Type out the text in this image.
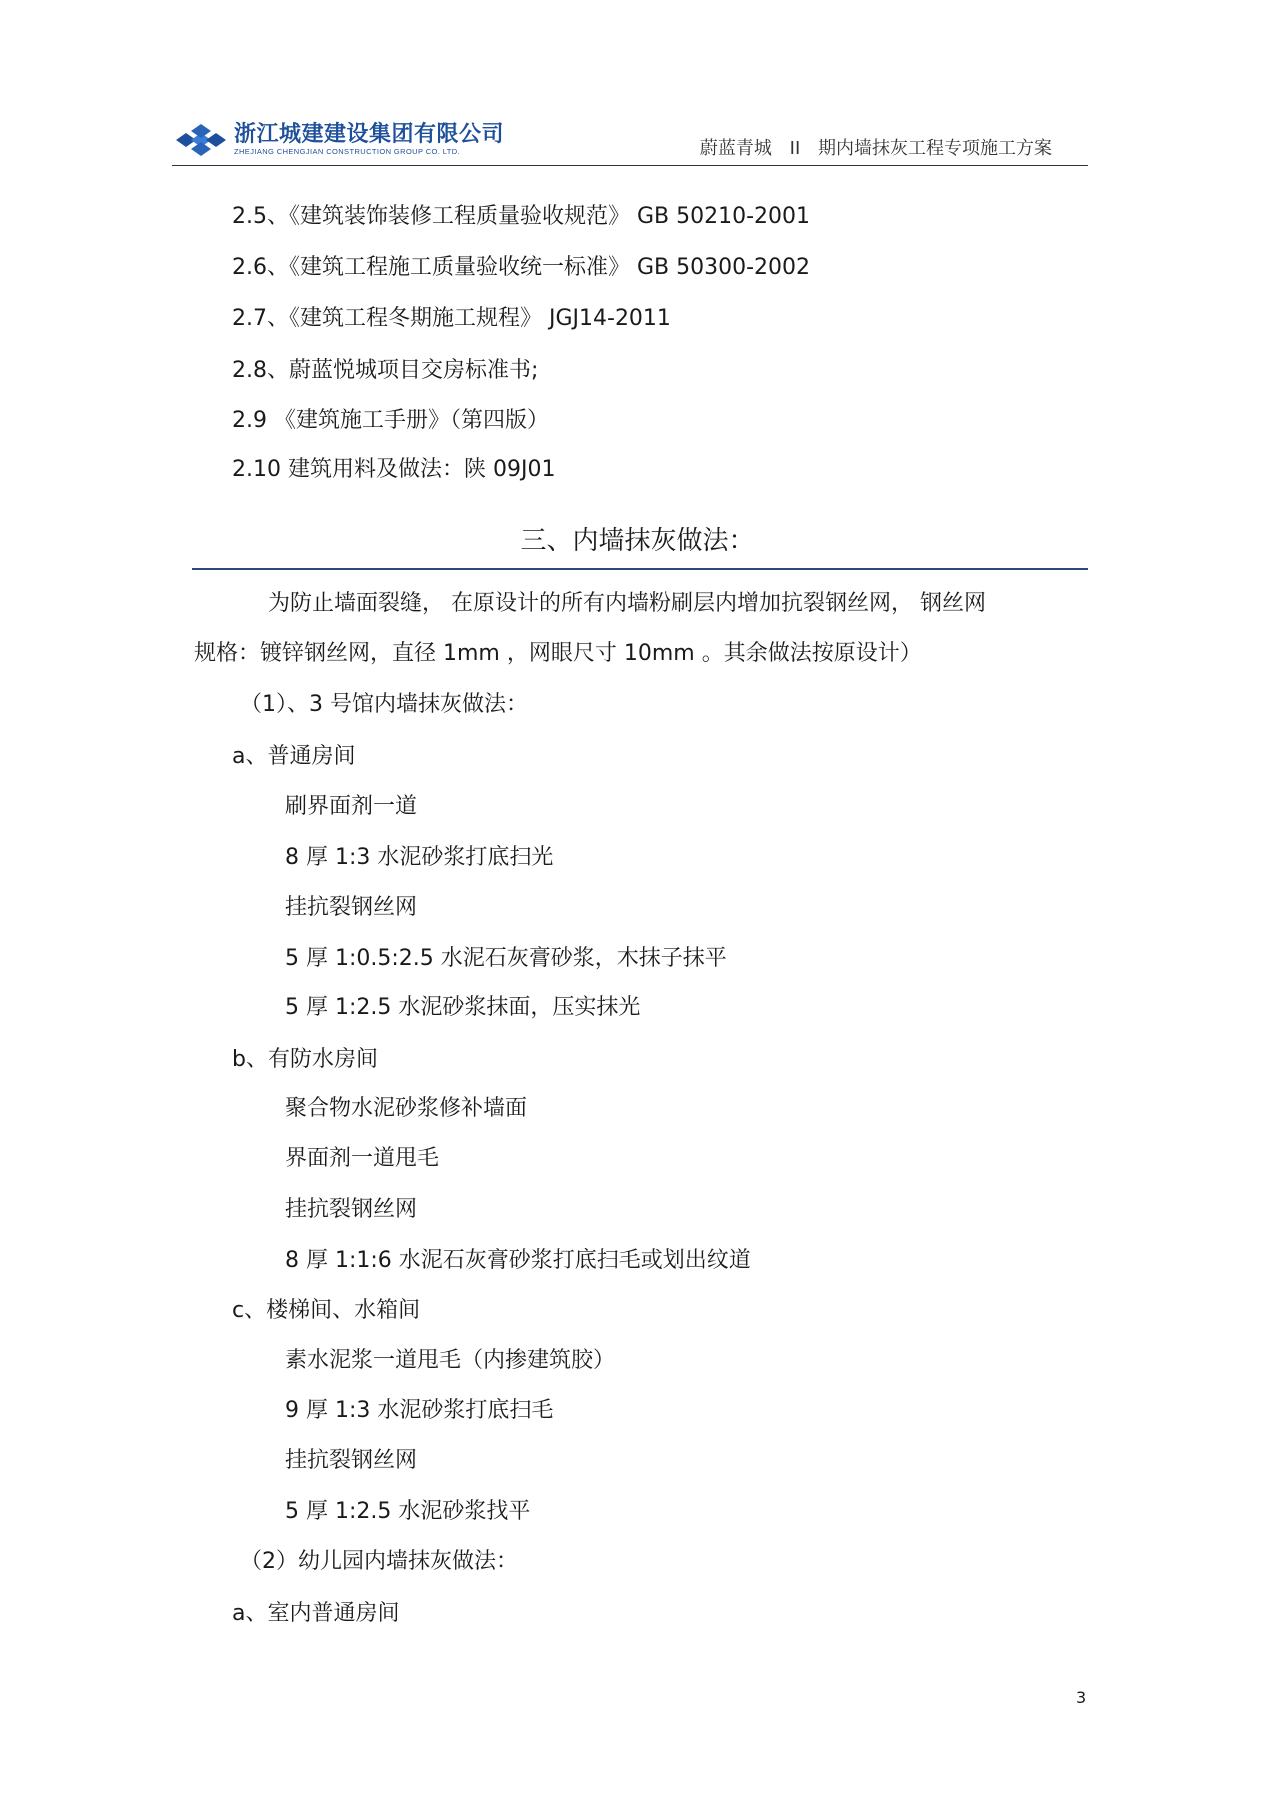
浙江城建建设集团有限公司
ZHEJIANG CHENGJIAN CONSTRUCTION GROUP CO. LTD.	蔚蓝青城 II 期内墙抹灰工程专项施工方案
2.5、《建筑装饰装修工程质量验收规范》 GB 50210-2001
2.6、《建筑工程施工质量验收统一标准》 GB 50300-2002
2.7、《建筑工程冬期施工规程》 JGJ14-2011
2.8、蔚蓝悦城项目交房标准书;
2.9 《建筑施工手册》（第四版）
2.10 建筑用料及做法：陕 09J01
三、内墙抹灰做法：
为防止墙面裂缝， 在原设计的所有内墙粉刷层内增加抗裂钢丝网， 钢丝网
规格：镀锌钢丝网，直径 1mm ，网眼尺寸 10mm 。其余做法按原设计）
（1）、3 号馆内墙抹灰做法：
a、普通房间
刷界面剂一道
8 厚 1:3 水泥砂浆打底扫光
挂抗裂钢丝网
5 厚 1:0.5:2.5 水泥石灰膏砂浆，木抹子抹平
5 厚 1:2.5 水泥砂浆抹面，压实抹光
b、有防水房间
聚合物水泥砂浆修补墙面
界面剂一道甩毛
挂抗裂钢丝网
8 厚 1:1:6 水泥石灰膏砂浆打底扫毛或划出纹道
c、楼梯间、水箱间
素水泥浆一道甩毛（内掺建筑胶）
9 厚 1:3 水泥砂浆打底扫毛
挂抗裂钢丝网
5 厚 1:2.5 水泥砂浆找平
（2）幼儿园内墙抹灰做法：
a、室内普通房间
3
